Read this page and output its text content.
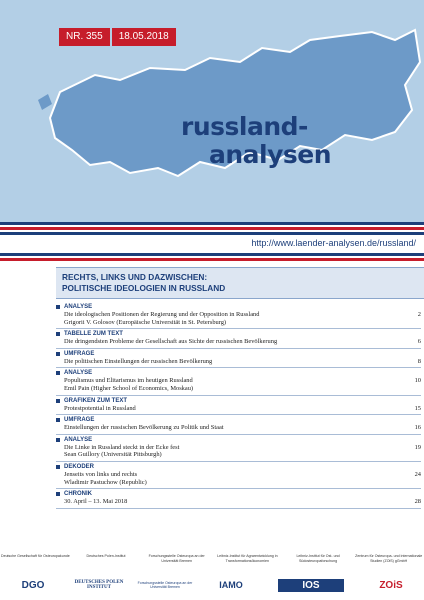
NR. 355	18.05.2018
russland-
analysen
http://www.laender-analysen.de/russland/
RECHTS, LINKS UND DAZWISCHEN:
POLITISCHE IDEOLOGIEN IN RUSSLAND
ANALYSE
Die ideologischen Positionen der Regierung und der Opposition in Russland	2
Grigorii V. Golosov (Europäische Universität in St. Petersburg)
TABELLE ZUM TEXT
Die dringendsten Probleme der Gesellschaft aus Sichte der russischen Bevölkerung	6
UMFRAGE
Die politischen Einstellungen der russischen Bevölkerung	8
ANALYSE
Populismus und Elitarismus im heutigen Russland	10
Emil Pain (Higher School of Economics, Moskau)
GRAFIKEN ZUM TEXT
Protestpotential in Russland	15
UMFRAGE
Einstellungen der russischen Bevölkerung zu Politik und Staat	16
ANALYSE
Die Linke in Russland steckt in der Ecke fest	19
Sean Guillory (Universität Pittsburgh)
DEKODER
Jenseits von links und rechts	24
Wladimir Pastuchow (Republic)
CHRONIK
30. April – 13. Mai 2018	28
Deutsche Gesellschaft für Osteuropakunde	Deutsches Polen-Institut	Forschungsstelle Osteuropa an der Universität Bremen
Leibniz-Institut für Agrarentwicklung in Transformationsökonomien
Leibniz-Institut für Ost- und Südosteuropaforschung
Zentrum für Osteuropa- und internationale Studien (ZOiS) gGmbH
DGO	DEUTSCHES POLEN INSTITUT
Forschungsstelle Osteuropa an der Universität Bremen	IAMO	IOS	ZOiS
